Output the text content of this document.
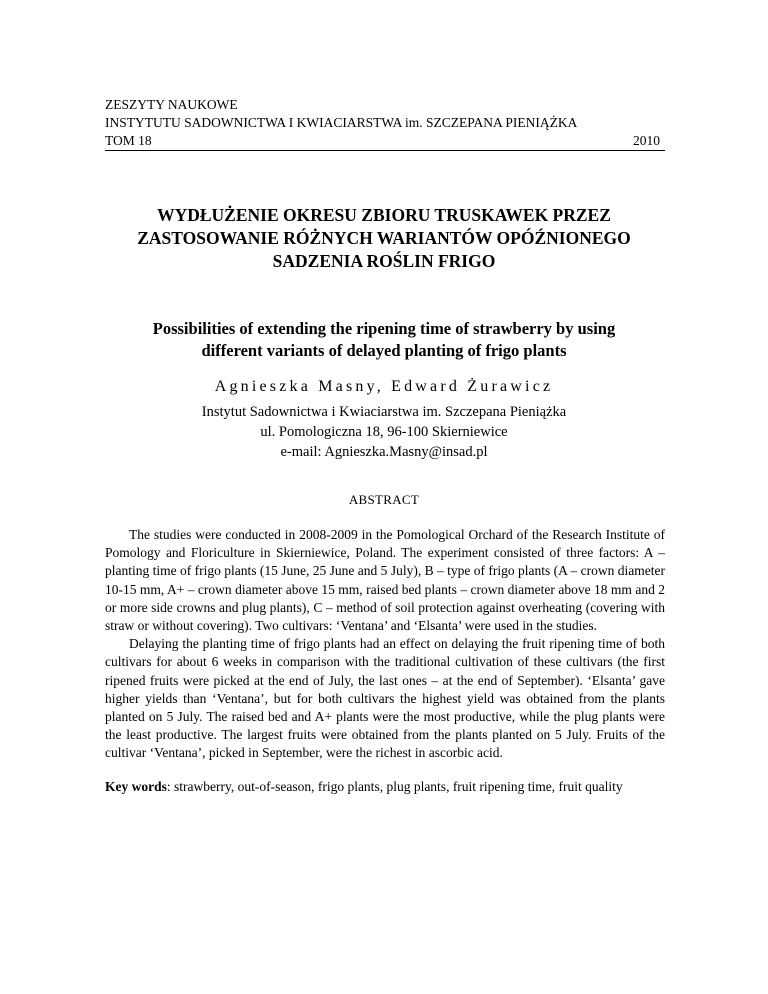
ZESZYTY NAUKOWE
INSTYTUTU SADOWNICTWA I KWIACIARSTWA im. SZCZEPANA PIENIĄŻKA
TOM 18	2010
WYDŁUŻENIE OKRESU ZBIORU TRUSKAWEK PRZEZ
ZASTOSOWANIE RÓŻNYCH WARIANTÓW OPÓŹNIONEGO
SADZENIA ROŚLIN FRIGO
Possibilities of extending the ripening time of strawberry by using
different variants of delayed planting of frigo plants
Agnieszka Masny, Edward Żurawicz
Instytut Sadownictwa i Kwiaciarstwa im. Szczepana Pieniążka
ul. Pomologiczna 18, 96-100 Skierniewice
e-mail: Agnieszka.Masny@insad.pl
ABSTRACT

The studies were conducted in 2008-2009 in the Pomological Orchard of the Research Institute of Pomology and Floriculture in Skierniewice, Poland. The experiment consisted of three factors: A – planting time of frigo plants (15 June, 25 June and 5 July), B – type of frigo plants (A – crown diameter 10-15 mm, A+ – crown diameter above 15 mm, raised bed plants – crown diameter above 18 mm and 2 or more side crowns and plug plants), C – method of soil protection against overheating (covering with straw or without covering). Two cultivars: ‘Ventana’ and ‘Elsanta’ were used in the studies.

Delaying the planting time of frigo plants had an effect on delaying the fruit ripening time of both cultivars for about 6 weeks in comparison with the traditional cultivation of these cultivars (the first ripened fruits were picked at the end of July, the last ones – at the end of September). ‘Elsanta’ gave higher yields than ‘Ventana’, but for both cultivars the highest yield was obtained from the plants planted on 5 July. The raised bed and A+ plants were the most productive, while the plug plants were the least productive. The largest fruits were obtained from the plants planted on 5 July. Fruits of the cultivar ‘Ventana’, picked in September, were the richest in ascorbic acid.

Key words: strawberry, out-of-season, frigo plants, plug plants, fruit ripening time, fruit quality
